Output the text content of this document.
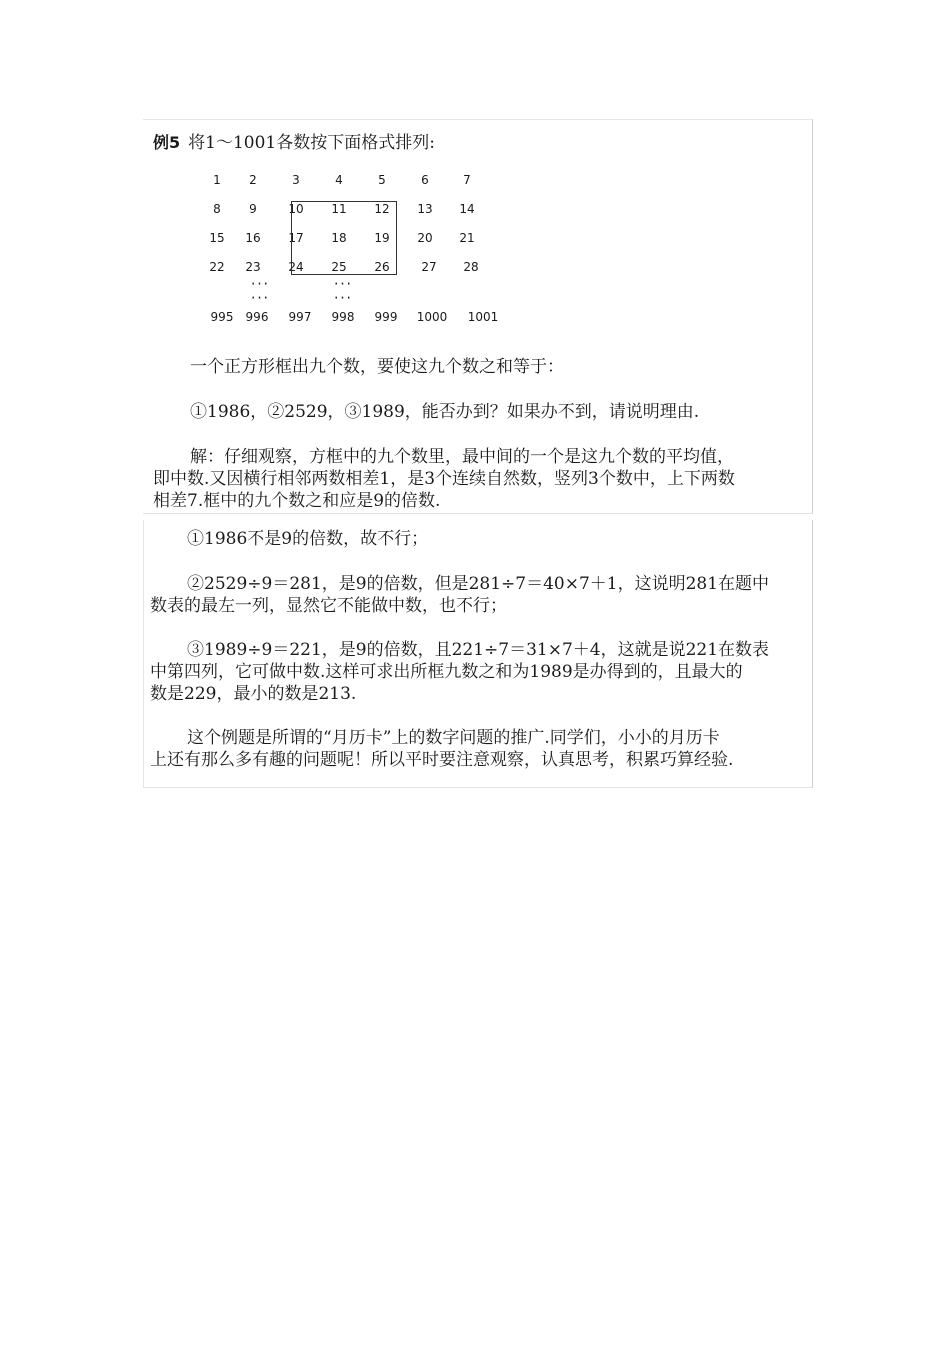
例5 将1～1001各数按下面格式排列:
1 2	3	4	5	6	7
8 9	10 11 12 13 14
15 16 17 18 19 20 21
22 23 24 25 26	27 28
···
···
···
···
995 996 997 998 999 1000 1001
一个正方形框出九个数，要使这九个数之和等于：
①1986，②2529，③1989，能否办到？如果办不到，请说明理由.
解：仔细观察，方框中的九个数里，最中间的一个是这九个数的平均值，
即中数.又因横行相邻两数相差1，是3个连续自然数，竖列3个数中，上下两数
相差7.框中的九个数之和应是9的倍数.
①1986不是9的倍数，故不行；
②2529÷9＝281，是9的倍数，但是281÷7＝40×7＋1，这说明281在题中
数表的最左一列，显然它不能做中数，也不行；
③1989÷9＝221，是9的倍数，且221÷7＝31×7＋4，这就是说221在数表
中第四列，它可做中数.这样可求出所框九数之和为1989是办得到的，且最大的
数是229，最小的数是213.
这个例题是所谓的“月历卡”上的数字问题的推广.同学们，小小的月历卡
上还有那么多有趣的问题呢！所以平时要注意观察，认真思考，积累巧算经验.
